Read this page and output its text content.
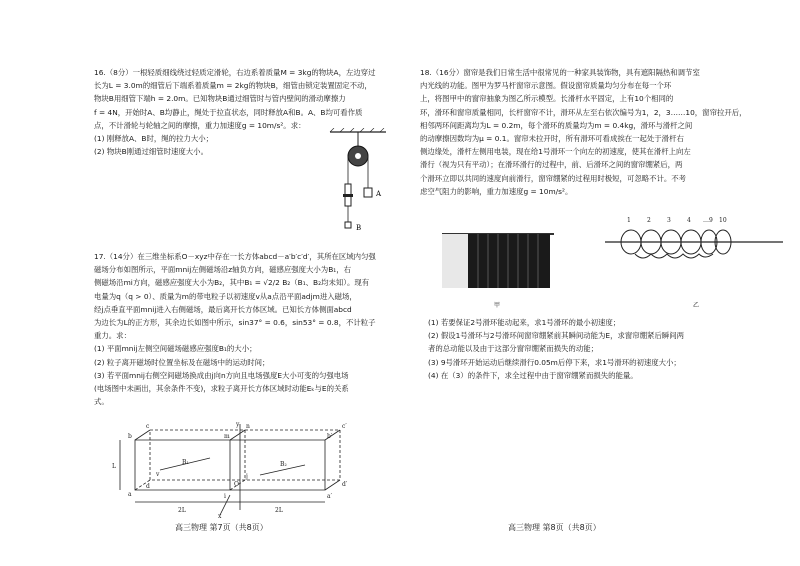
16.（8分）一根轻质细线绕过轻质定滑轮，右边系着质量M = 3kg的物块A，左边穿过

长为L = 3.0m的细管后下端系着质量m = 2kg的物块B，细管由锁定装置固定不动，

物块B用细管下端h = 2.0m。已知物块B通过细管时与管内壁间的滑动摩擦力

f = 4N，开始时A、B均静止，绳处于拉直状态，同时释放A和B。A、B均可看作质

点，不计滑轮与轮轴之间的摩擦，重力加速度g = 10m/s²。求：

(1) 刚释放A、B时，绳的拉力大小；

(2) 物块B刚通过细管时速度大小。

A
B

17.（14分）在三维坐标系O－xyz中存在一长方体abcd－a′b′c′d′，其所在区域内匀强

磁场分布如图所示，平面mnij左侧磁场沿z轴负方向，磁感应强度大小为B₁，右

侧磁场沿mi方向，磁感应强度大小为B₂，其中B₁ = √2/2 B₂（B₁、B₂均未知）。现有

电量为q（q > 0）、质量为m的带电粒子以初速度v从a点沿平面adjm进入磁场，

经j点垂直平面mnij进入右侧磁场，最后离开长方体区域。已知长方体侧面abcd

为边长为L的正方形，其余边长如图中所示，sin37° = 0.6，sin53° = 0.8，不计粒子

重力。求：

(1) 平面mnij左侧空间磁场磁感应强度B₁的大小；

(2) 粒子离开磁场时位置坐标及在磁场中的运动时间；

(3) 若平面mnij右侧空间磁场换成由j向n方向且电场强度E大小可变的匀强电场

(电场图中未画出，其余条件不变)，求粒子离开长方体区域时动能Eₖ与E的关系

式。

y
x
O
a
b
c
d
a′
b′
c′
d′
m
n
i
j
B₁	B₂
v
2L	2L
L
高三物理 第7页（共8页）

18.（16分）窗帘是我们日常生活中很常见的一种家具装饰物，具有遮阳隔热和调节室

内光线的功能。图甲为罗马杆窗帘示意图。假设窗帘质量均匀分布在每一个环

上，将图甲中的窗帘抽象为图乙所示模型。长滑杆水平固定，上有10个相同的

环，滑环和窗帘质量相同，长杆窗帘不计，滑环从左至右依次编号为1，2，3……10，窗帘拉开后，

相邻两环间距离均为L = 0.2m，每个滑环的质量均为m = 0.4kg，滑环与滑杆之间

的动摩擦因数均为μ = 0.1。窗帘未拉开时，所有滑环可看成挨在一起处于滑杆右

侧边缘处，滑杆左侧用电装，现在给1号滑环一个向左的初速度，使其在滑杆上向左

滑行（视为只有平动）；在滑环滑行的过程中，前、后滑环之间的窗帘绷紧后，两

个滑环立即以共同的速度向前滑行，窗帘绷紧的过程用时极短，可忽略不计。不考

虑空气阻力的影响，重力加速度g = 10m/s²。

甲
1	2	3	4 …9 10
乙

(1) 若要保证2号滑环能动起来，求1号滑环的最小初速度；

(2) 假设1号滑环与2号滑环间窗帘绷紧前其瞬间动能为E，求窗帘绷紧后瞬间两

者的总动能以及由于这部分窗帘绷紧而损失的动能；

(3) 9号滑环开始运动后继续滑行0.05m后停下来，求1号滑环的初速度大小；

(4) 在（3）的条件下，求全过程中由于窗帘绷紧而损失的能量。

高三物理 第8页（共8页）
